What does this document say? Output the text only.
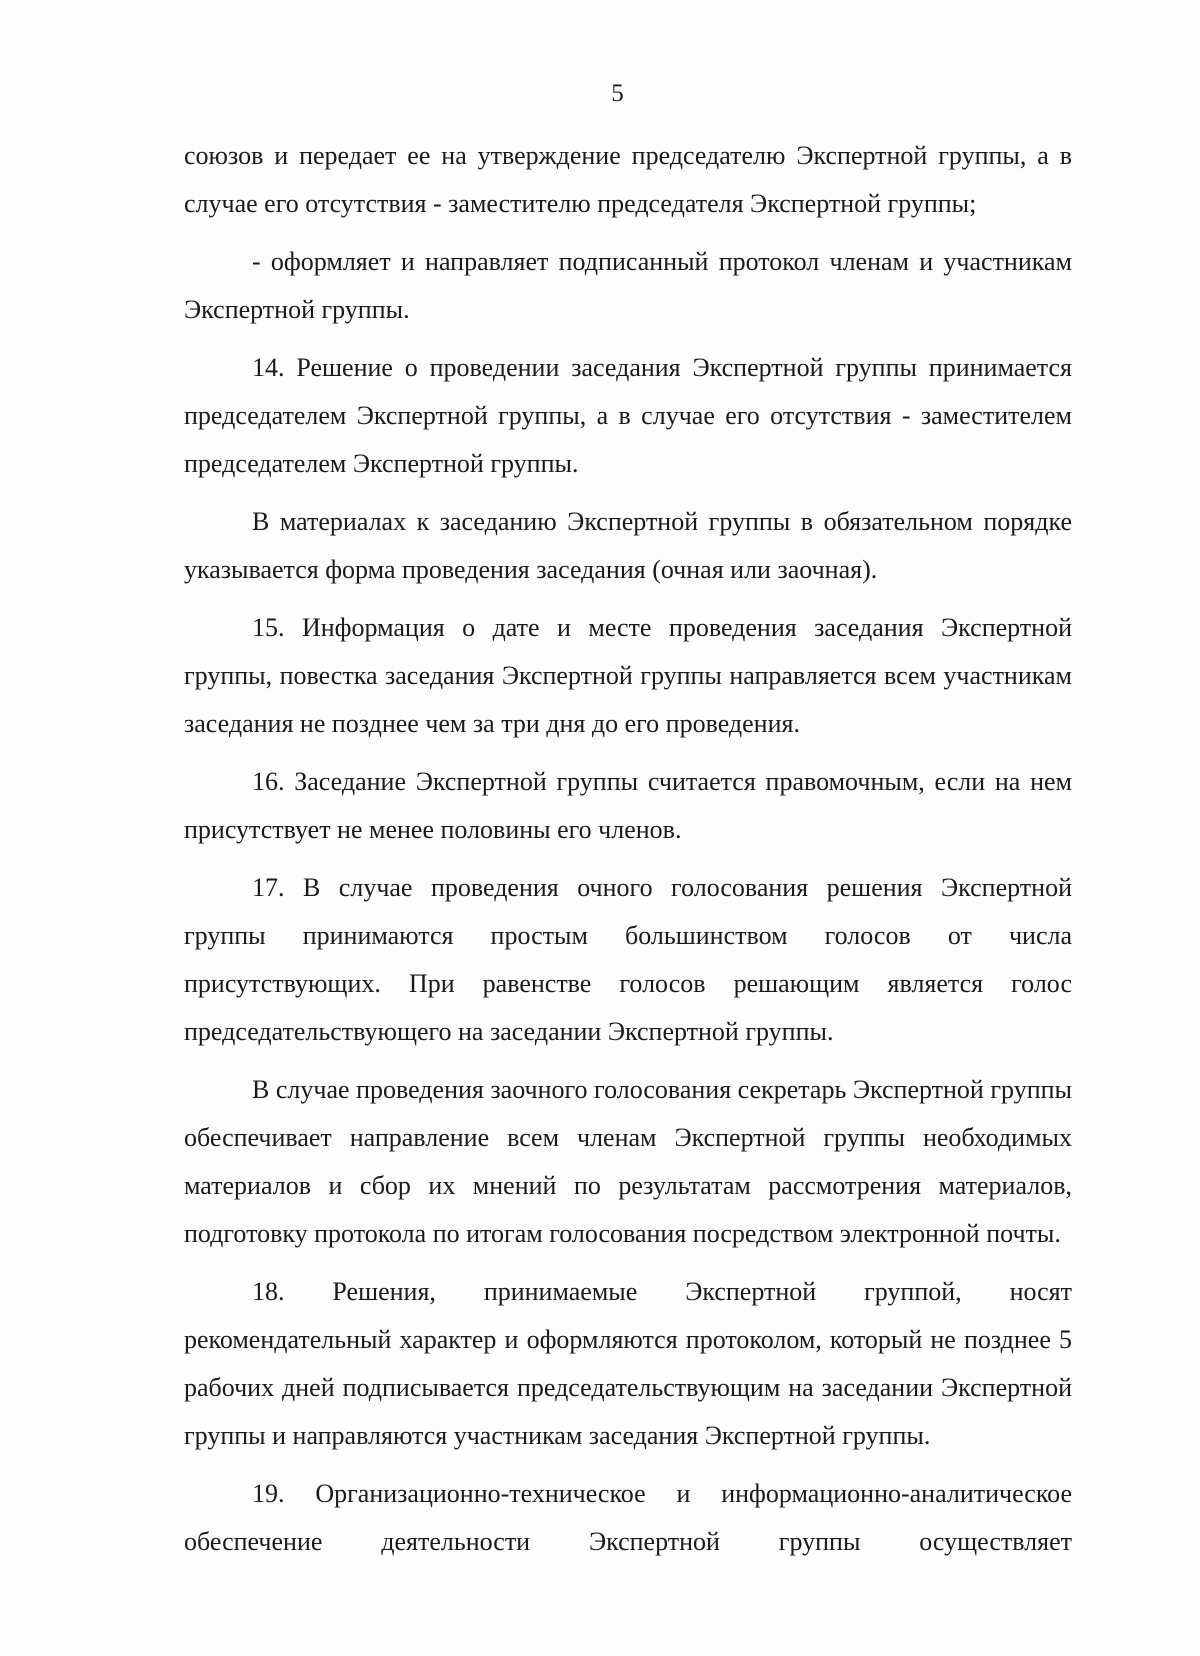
5

союзов и передает ее на утверждение председателю Экспертной группы, а в случае его отсутствия - заместителю председателя Экспертной группы;

- оформляет и направляет подписанный протокол членам и участникам Экспертной группы.

14. Решение о проведении заседания Экспертной группы принимается председателем Экспертной группы, а в случае его отсутствия - заместителем председателем Экспертной группы.

В материалах к заседанию Экспертной группы в обязательном порядке указывается форма проведения заседания (очная или заочная).

15. Информация о дате и месте проведения заседания Экспертной группы, повестка заседания Экспертной группы направляется всем участникам заседания не позднее чем за три дня до его проведения.

16. Заседание Экспертной группы считается правомочным, если на нем присутствует не менее половины его членов.

17. В случае проведения очного голосования решения Экспертной группы принимаются простым большинством голосов от числа присутствующих. При равенстве голосов решающим является голос председательствующего на заседании Экспертной группы.

В случае проведения заочного голосования секретарь Экспертной группы обеспечивает направление всем членам Экспертной группы необходимых материалов и сбор их мнений по результатам рассмотрения материалов, подготовку протокола по итогам голосования посредством электронной почты.

18. Решения, принимаемые Экспертной группой, носят рекомендательный характер и оформляются протоколом, который не позднее 5 рабочих дней подписывается председательствующим на заседании Экспертной группы и направляются участникам заседания Экспертной группы.

19. Организационно-техническое и информационно-аналитическое обеспечение деятельности Экспертной группы осуществляет
